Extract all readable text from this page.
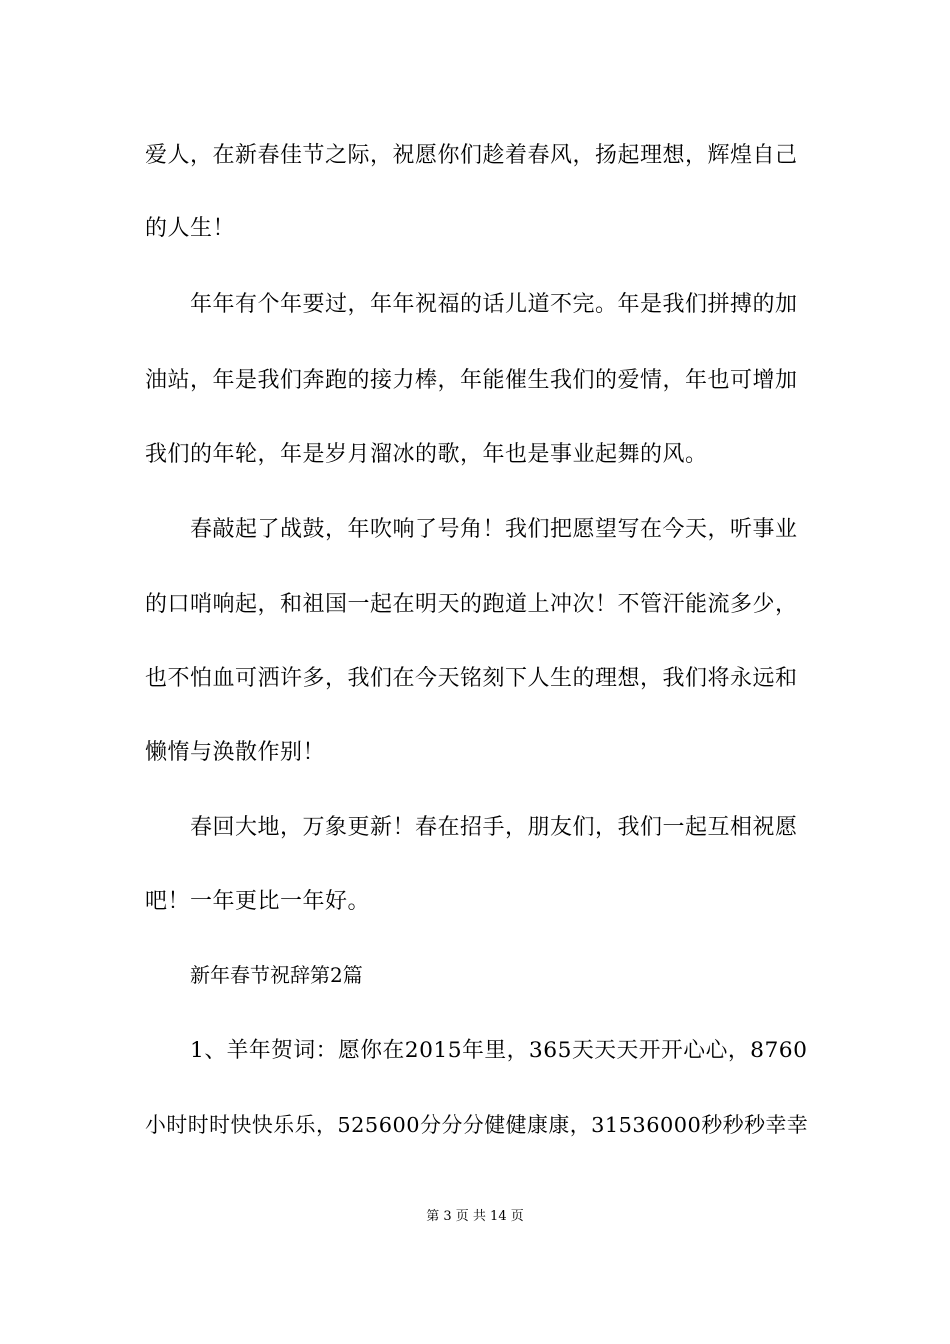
爱人，在新春佳节之际，祝愿你们趁着春风，扬起理想，辉煌自己
的人生！
年年有个年要过，年年祝福的话儿道不完。年是我们拼搏的加
油站，年是我们奔跑的接力棒，年能催生我们的爱情，年也可增加
我们的年轮，年是岁月溜冰的歌，年也是事业起舞的风。
春敲起了战鼓，年吹响了号角！我们把愿望写在今天，听事业
的口哨响起，和祖国一起在明天的跑道上冲次！不管汗能流多少，
也不怕血可洒许多，我们在今天铭刻下人生的理想，我们将永远和
懒惰与涣散作别！
春回大地，万象更新！春在招手，朋友们，我们一起互相祝愿
吧！一年更比一年好。
新年春节祝辞第2篇
1、羊年贺词：愿你在2015年里，365天天天开开心心，8760
小时时时快快乐乐，525600分分分健健康康，31536000秒秒秒幸幸
第 3 页 共 14 页
